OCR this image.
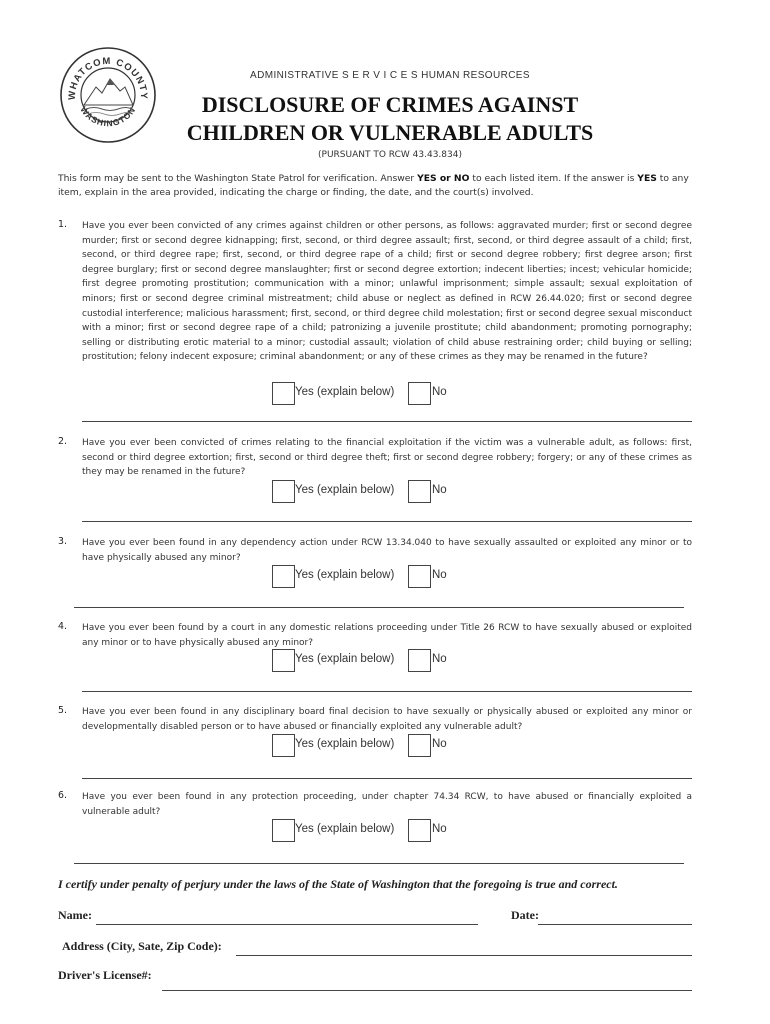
WHATCOM COUNTY
WASHINGTON
ADMINISTRATIVE S E R V I C E S HUMAN RESOURCES
DISCLOSURE OF CRIMES AGAINST
CHILDREN OR VULNERABLE ADULTS
(PURSUANT TO RCW 43.43.834)
This form may be sent to the Washington State Patrol for verification. Answer YES or NO to each listed item. If the answer is YES to any item, explain in the area provided, indicating the charge or finding, the date, and the court(s) involved.
1. Have you ever been convicted of any crimes against children or other persons, as follows: aggravated murder; first or second degree murder; first or second degree kidnapping; first, second, or third degree assault; first, second, or third degree assault of a child; first, second, or third degree rape; first, second, or third degree rape of a child; first or second degree robbery; first degree arson; first degree burglary; first or second degree manslaughter; first or second degree extortion; indecent liberties; incest; vehicular homicide; first degree promoting prostitution; communication with a minor; unlawful imprisonment; simple assault; sexual exploitation of minors; first or second degree criminal mistreatment; child abuse or neglect as defined in RCW 26.44.020; first or second degree custodial interference; malicious harassment; first, second, or third degree child molestation; first or second degree sexual misconduct with a minor; first or second degree rape of a child; patronizing a juvenile prostitute; child abandonment; promoting pornography; selling or distributing erotic material to a minor; custodial assault; violation of child abuse restraining order; child buying or selling; prostitution; felony indecent exposure; criminal abandonment; or any of these crimes as they may be renamed in the future?
Yes (explain below)	No
2. Have you ever been convicted of crimes relating to the financial exploitation if the victim was a vulnerable adult, as follows: first, second or third degree extortion; first, second or third degree theft; first or second degree robbery; forgery; or any of these crimes as they may be renamed in the future?
Yes (explain below)	No
3. Have you ever been found in any dependency action under RCW 13.34.040 to have sexually assaulted or exploited any minor or to have physically abused any minor?
Yes (explain below)	No
4. Have you ever been found by a court in any domestic relations proceeding under Title 26 RCW to have sexually abused or exploited any minor or to have physically abused any minor?
Yes (explain below)	No
5. Have you ever been found in any disciplinary board final decision to have sexually or physically abused or exploited any minor or developmentally disabled person or to have abused or financially exploited any vulnerable adult?
Yes (explain below)	No
6. Have you ever been found in any protection proceeding, under chapter 74.34 RCW, to have abused or financially exploited a vulnerable adult?
Yes (explain below)	No
I certify under penalty of perjury under the laws of the State of Washington that the foregoing is true and correct.
Name:	Date:
Address (City, Sate, Zip Code):
Driver's License#:
